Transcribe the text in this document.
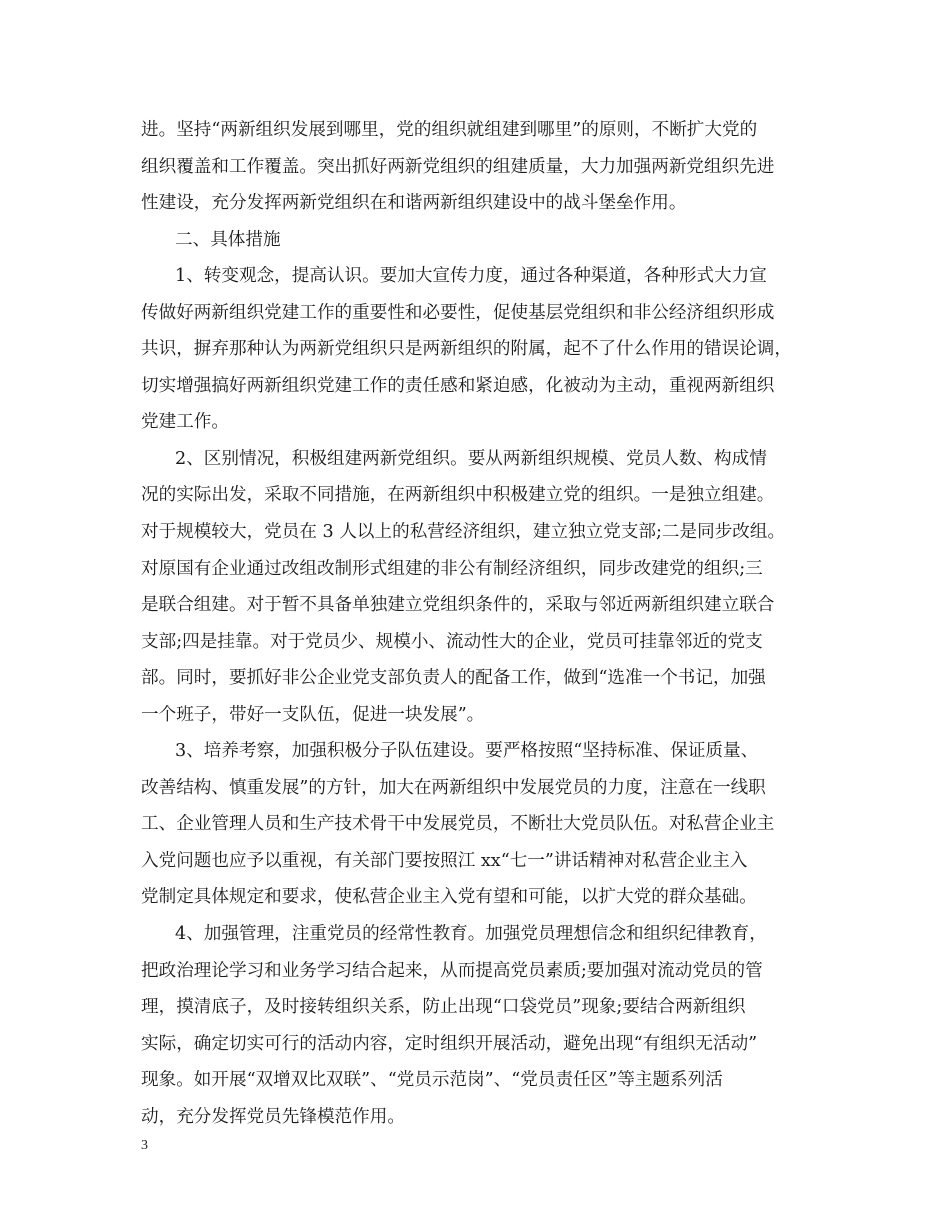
进。坚持“两新组织发展到哪里，党的组织就组建到哪里”的原则，不断扩大党的
组织覆盖和工作覆盖。突出抓好两新党组织的组建质量，大力加强两新党组织先进
性建设，充分发挥两新党组织在和谐两新组织建设中的战斗堡垒作用。
二、具体措施
1、转变观念，提高认识。要加大宣传力度，通过各种渠道，各种形式大力宣
传做好两新组织党建工作的重要性和必要性，促使基层党组织和非公经济组织形成
共识，摒弃那种认为两新党组织只是两新组织的附属，起不了什么作用的错误论调，
切实增强搞好两新组织党建工作的责任感和紧迫感，化被动为主动，重视两新组织
党建工作。
2、区别情况，积极组建两新党组织。要从两新组织规模、党员人数、构成情
况的实际出发，采取不同措施，在两新组织中积极建立党的组织。一是独立组建。
对于规模较大，党员在 3 人以上的私营经济组织，建立独立党支部;二是同步改组。
对原国有企业通过改组改制形式组建的非公有制经济组织，同步改建党的组织;三
是联合组建。对于暂不具备单独建立党组织条件的，采取与邻近两新组织建立联合
支部;四是挂靠。对于党员少、规模小、流动性大的企业，党员可挂靠邻近的党支
部。同时，要抓好非公企业党支部负责人的配备工作，做到“选准一个书记，加强
一个班子，带好一支队伍，促进一块发展”。
3、培养考察，加强积极分子队伍建设。要严格按照“坚持标准、保证质量、
改善结构、慎重发展”的方针，加大在两新组织中发展党员的力度，注意在一线职
工、企业管理人员和生产技术骨干中发展党员，不断壮大党员队伍。对私营企业主
入党问题也应予以重视，有关部门要按照江 xx“七一”讲话精神对私营企业主入
党制定具体规定和要求，使私营企业主入党有望和可能，以扩大党的群众基础。
4、加强管理，注重党员的经常性教育。加强党员理想信念和组织纪律教育，
把政治理论学习和业务学习结合起来，从而提高党员素质;要加强对流动党员的管
理，摸清底子，及时接转组织关系，防止出现“口袋党员”现象;要结合两新组织
实际，确定切实可行的活动内容，定时组织开展活动，避免出现“有组织无活动”
现象。如开展“双增双比双联”、“党员示范岗”、“党员责任区”等主题系列活
动，充分发挥党员先锋模范作用。
3
